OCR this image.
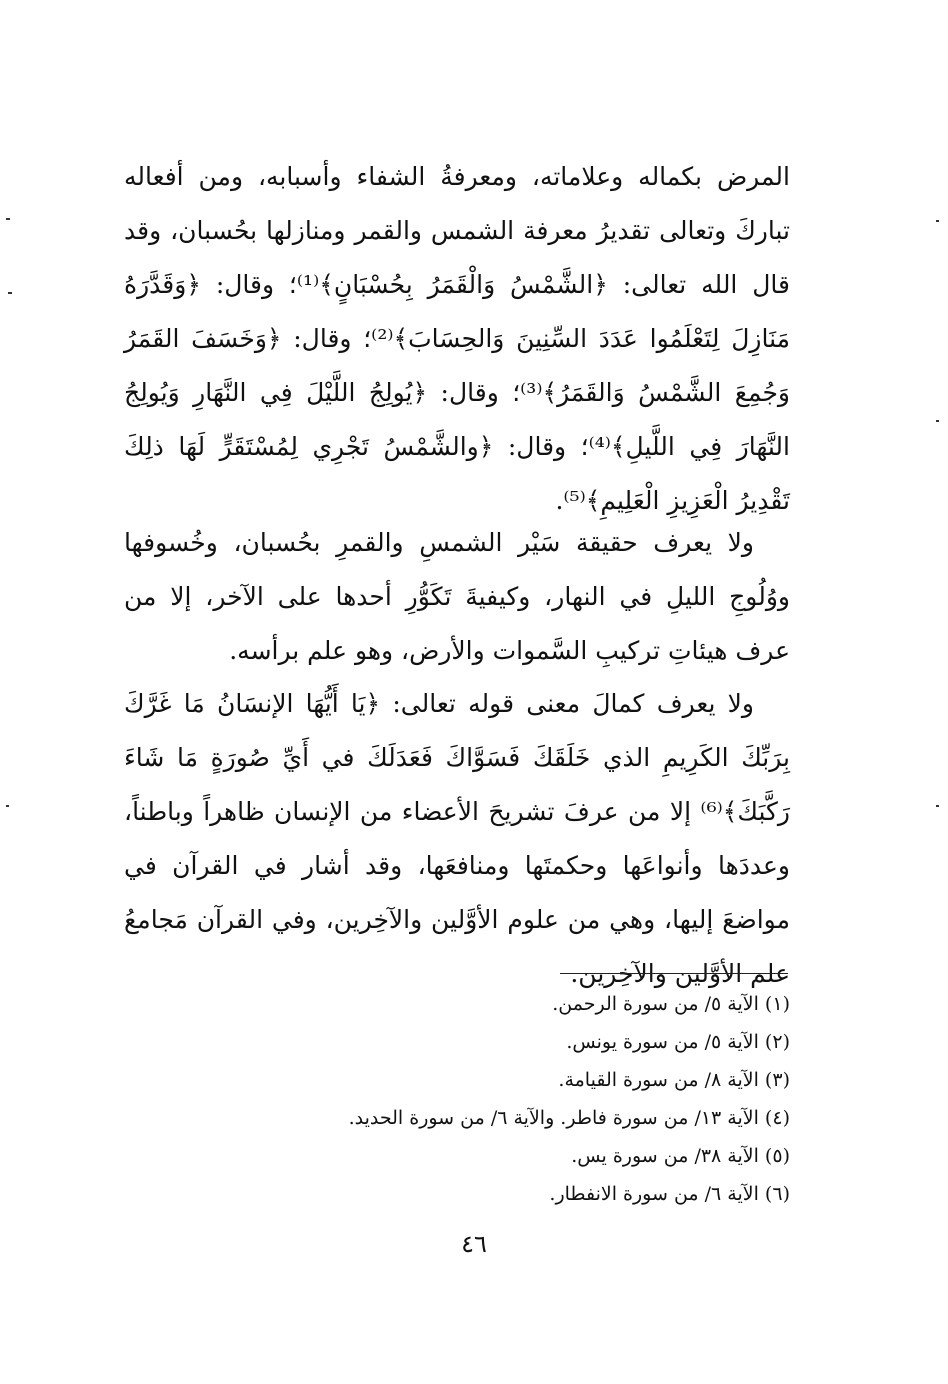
المرض بكماله وعلاماته، ومعرفةُ الشفاء وأسبابه، ومن أفعاله تباركَ وتعالى تقديرُ معرفة الشمس والقمر ومنازلها بحُسبان، وقد قال الله تعالى: ﴿الشَّمْسُ وَالْقَمَرُ بِحُسْبَانٍ﴾⁽¹⁾؛ وقال: ﴿وَقَدَّرَهُ مَنَازِلَ لِتَعْلَمُوا عَدَدَ السِّنِينَ وَالحِسَابَ﴾⁽²⁾؛ وقال: ﴿وَخَسَفَ القَمَرُ وَجُمِعَ الشَّمْسُ وَالقَمَرُ﴾⁽³⁾؛ وقال: ﴿يُولِجُ اللَّيْلَ فِي النَّهَارِ وَيُولِجُ النَّهَارَ فِي اللَّيلِ﴾⁽⁴⁾؛ وقال: ﴿والشَّمْسُ تَجْرِي لِمُسْتَقَرٍّ لَهَا ذلِكَ تَقْدِيرُ الْعَزِيزِ الْعَلِيمِ﴾⁽⁵⁾.

ولا يعرف حقيقة سَيْر الشمسِ والقمرِ بحُسبان، وخُسوفها ووُلُوجِ الليلِ في النهار، وكيفيةَ تَكَوُّرِ أحدها على الآخر، إلا من عرف هيئاتِ تركيبِ السَّموات والأرض، وهو علم برأسه.

ولا يعرف كمالَ معنى قوله تعالى: ﴿يَا أَيُّهَا الإنسَانُ مَا غَرَّكَ بِرَبِّكَ الكَرِيمِ الذي خَلَقَكَ فَسَوَّاكَ فَعَدَلَكَ في أَيِّ صُورَةٍ مَا شَاءَ رَكَّبَكَ﴾⁽⁶⁾ إلا من عرفَ تشريحَ الأعضاء من الإنسان ظاهراً وباطناً، وعددَها وأنواعَها وحكمتَها ومنافعَها، وقد أشار في القرآن في مواضعَ إليها، وهي من علوم الأوَّلين والآخِرين، وفي القرآن مَجامعُ علم الأوَّلين والآخِرين.

(١) الآية ٥/ من سورة الرحمن.
(٢) الآية ٥/ من سورة يونس.
(٣) الآية ٨/ من سورة القيامة.
(٤) الآية ١٣/ من سورة فاطر. والآية ٦/ من سورة الحديد.
(٥) الآية ٣٨/ من سورة يس.
(٦) الآية ٦/ من سورة الانفطار.
٤٦
